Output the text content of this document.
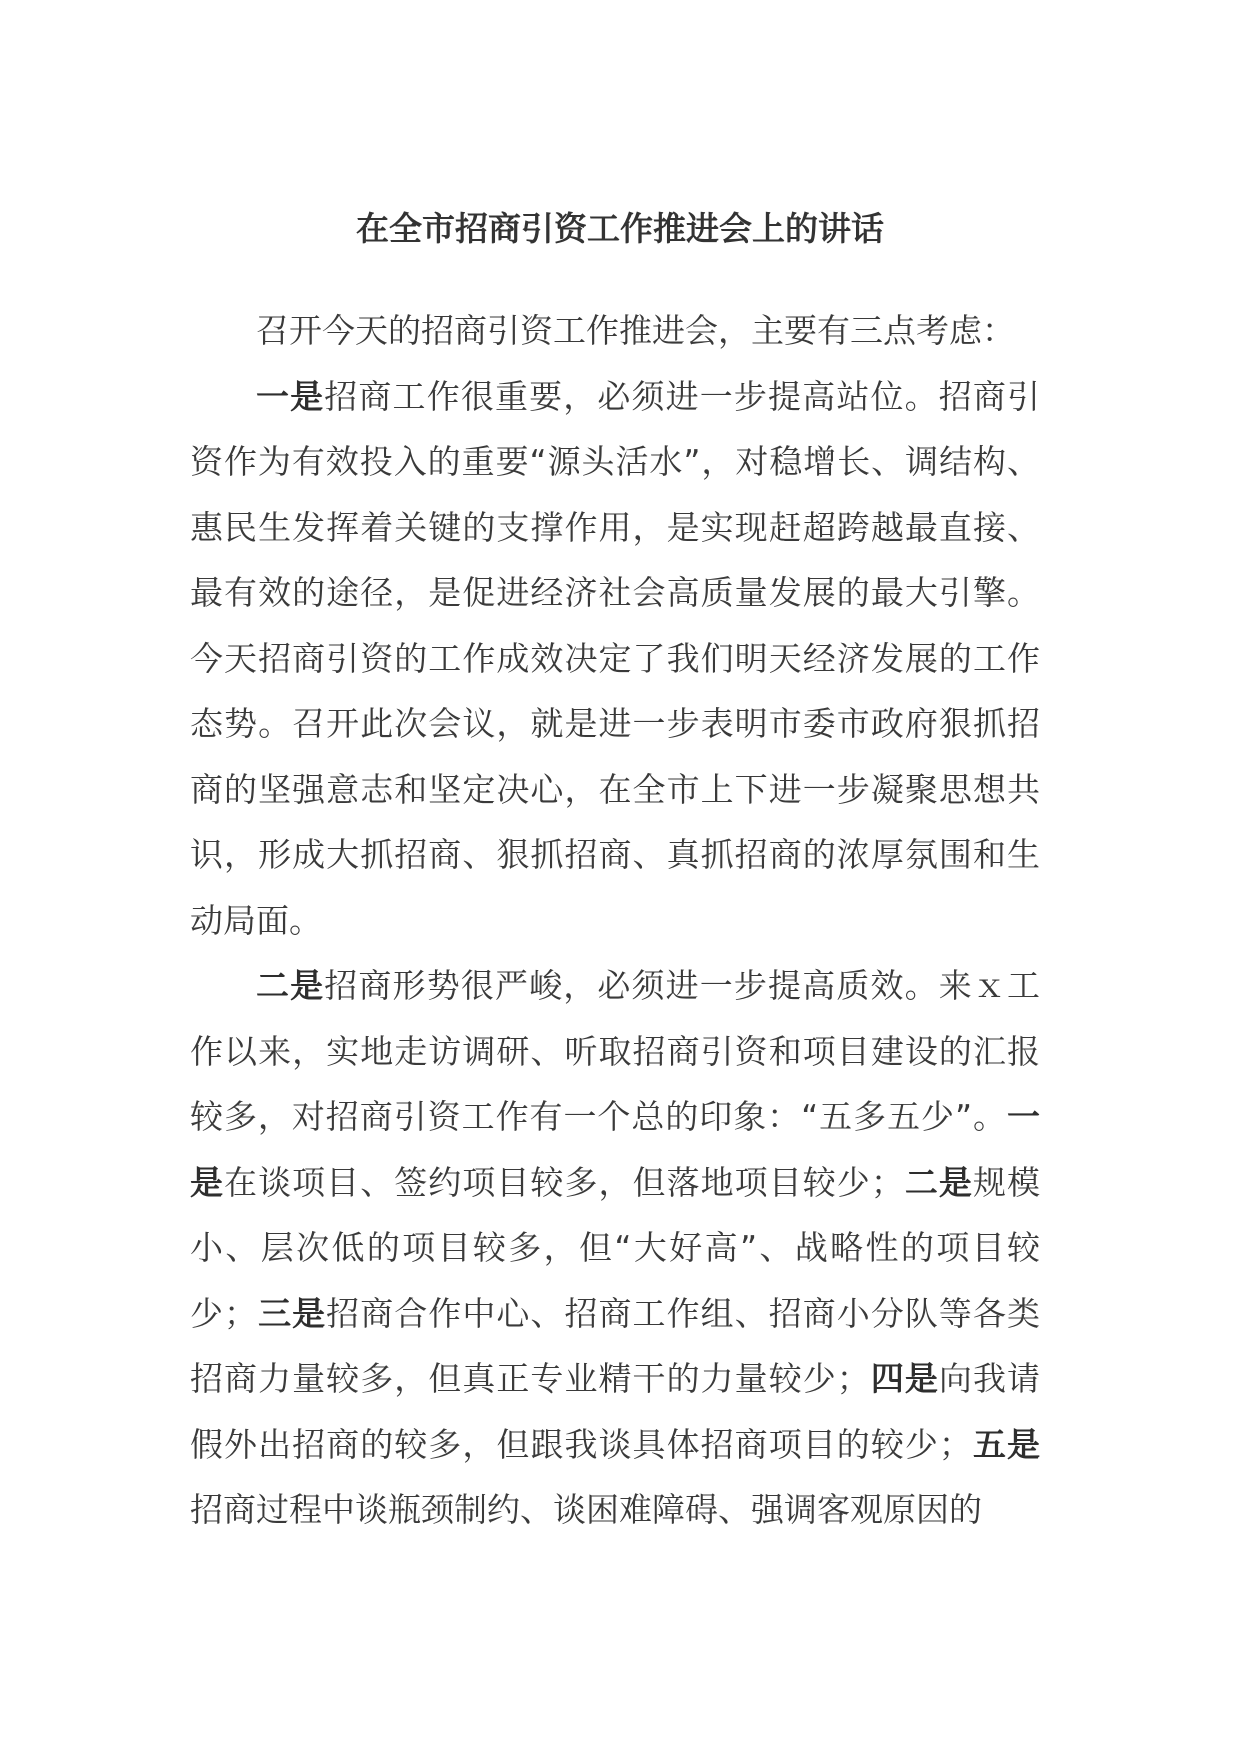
在全市招商引资工作推进会上的讲话

召开今天的招商引资工作推进会，主要有三点考虑：

一是招商工作很重要，必须进一步提高站位。招商引资作为有效投入的重要“源头活水”，对稳增长、调结构、惠民生发挥着关键的支撑作用，是实现赶超跨越最直接、最有效的途径，是促进经济社会高质量发展的最大引擎。今天招商引资的工作成效决定了我们明天经济发展的工作态势。召开此次会议，就是进一步表明市委市政府狠抓招商的坚强意志和坚定决心，在全市上下进一步凝聚思想共识，形成大抓招商、狠抓招商、真抓招商的浓厚氛围和生动局面。

二是招商形势很严峻，必须进一步提高质效。来ｘ工作以来，实地走访调研、听取招商引资和项目建设的汇报较多，对招商引资工作有一个总的印象：“五多五少”。一是在谈项目、签约项目较多，但落地项目较少；二是规模小、层次低的项目较多，但“大好高”、战略性的项目较少；三是招商合作中心、招商工作组、招商小分队等各类招商力量较多，但真正专业精干的力量较少；四是向我请假外出招商的较多，但跟我谈具体招商项目的较少；五是招商过程中谈瓶颈制约、谈困难障碍、强调客观原因的
